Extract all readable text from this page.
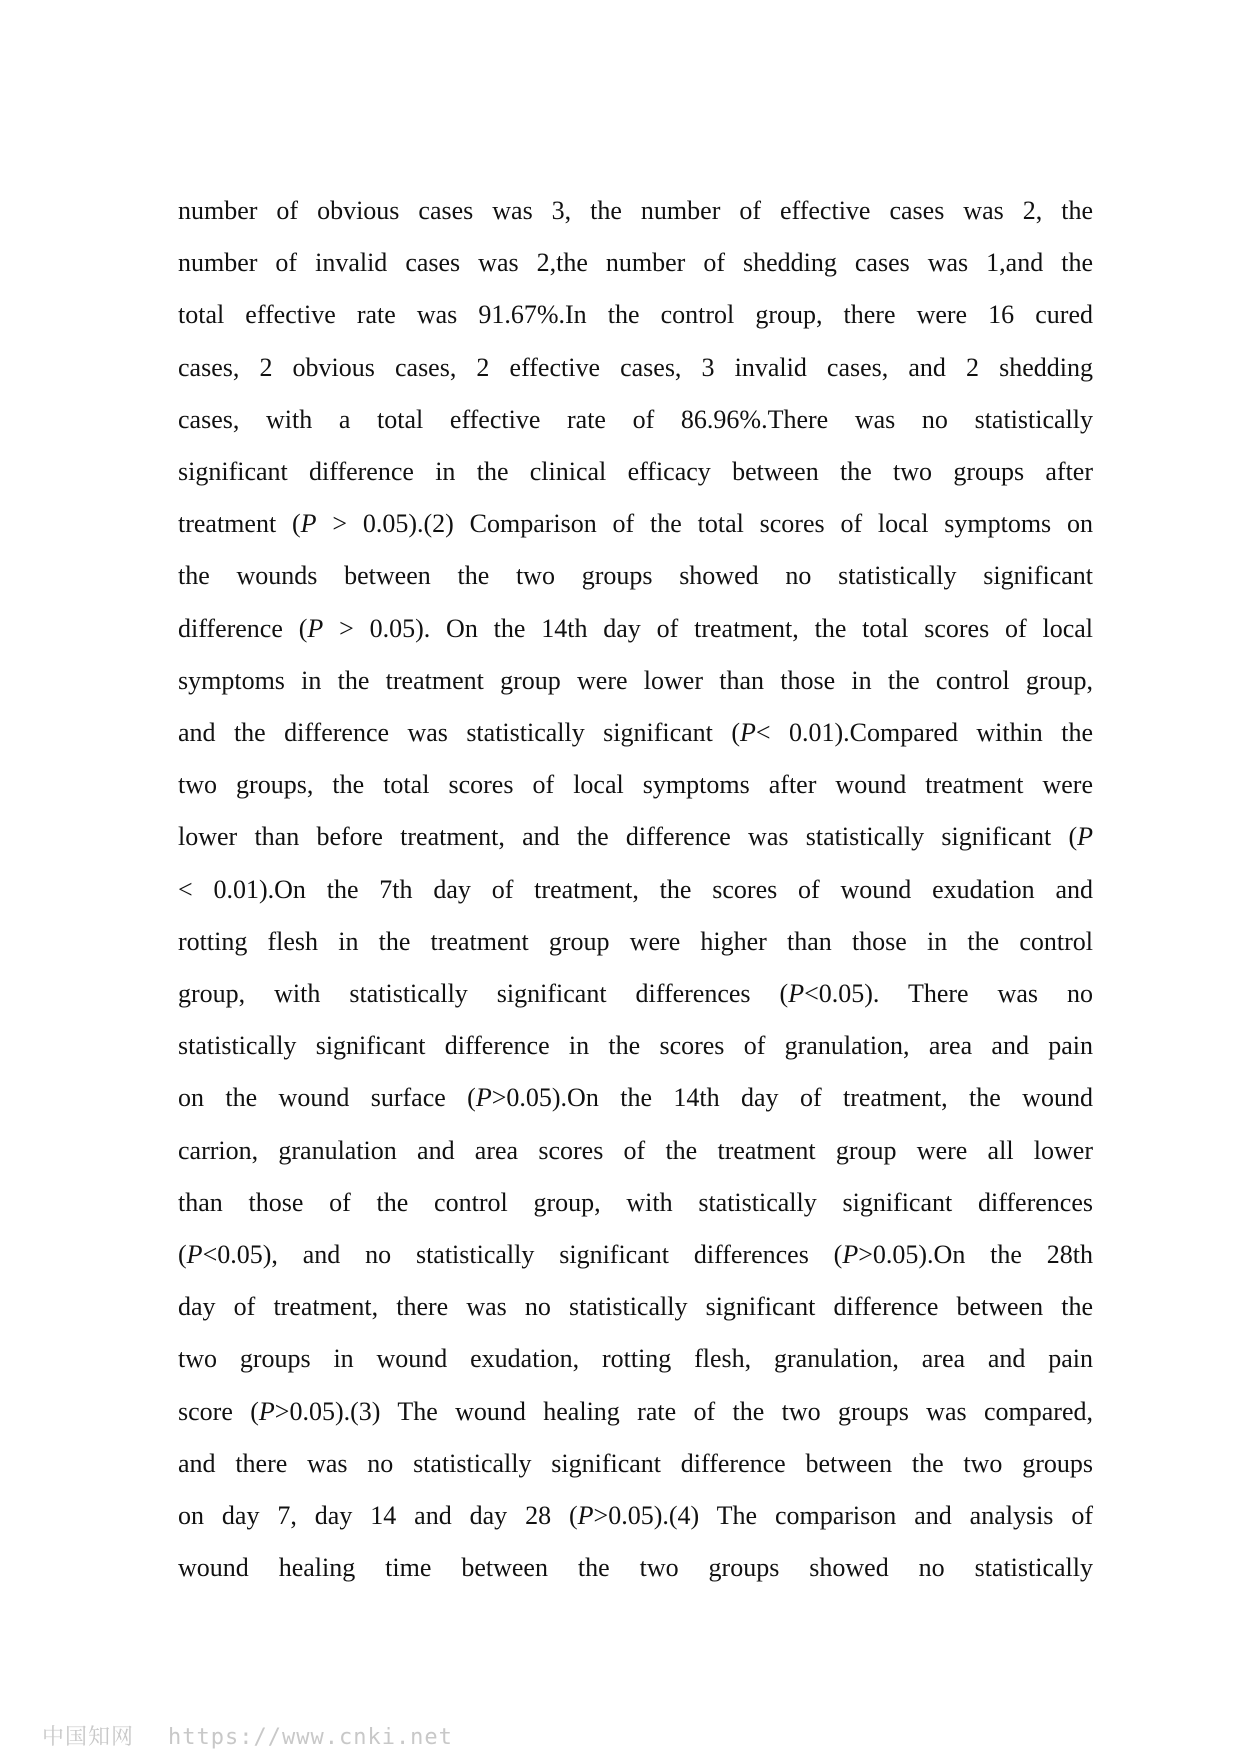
number of obvious cases was 3, the number of effective cases was 2, the
number of invalid cases was 2,the number of shedding cases was 1,and the
total effective rate was 91.67%.In the control group, there were 16 cured
cases, 2 obvious cases, 2 effective cases, 3 invalid cases, and 2 shedding
cases, with a total effective rate of 86.96%.There was no statistically
significant difference in the clinical efficacy between the two groups after
treatment (P > 0.05).(2) Comparison of the total scores of local symptoms on
the wounds between the two groups showed no statistically significant
difference (P > 0.05). On the 14th day of treatment, the total scores of local
symptoms in the treatment group were lower than those in the control group,
and the difference was statistically significant (P< 0.01).Compared within the
two groups, the total scores of local symptoms after wound treatment were
lower than before treatment, and the difference was statistically significant (P
< 0.01).On the 7th day of treatment, the scores of wound exudation and
rotting flesh in the treatment group were higher than those in the control
group, with statistically significant differences (P<0.05). There was no
statistically significant difference in the scores of granulation, area and pain
on the wound surface (P>0.05).On the 14th day of treatment, the wound
carrion, granulation and area scores of the treatment group were all lower
than those of the control group, with statistically significant differences
(P<0.05), and no statistically significant differences (P>0.05).On the 28th
day of treatment, there was no statistically significant difference between the
two groups in wound exudation, rotting flesh, granulation, area and pain
score (P>0.05).(3) The wound healing rate of the two groups was compared,
and there was no statistically significant difference between the two groups
on day 7, day 14 and day 28 (P>0.05).(4) The comparison and analysis of
wound healing time between the two groups showed no statistically
中国知网 https://www.cnki.net
